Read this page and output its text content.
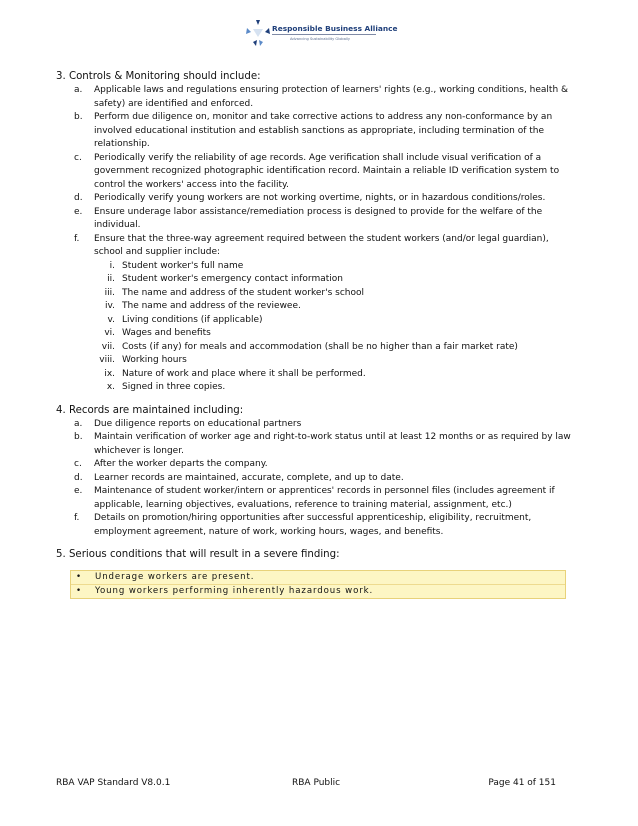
Responsible Business Alliance
Advancing Sustainability Globally
3. Controls & Monitoring should include:
a. Applicable laws and regulations ensuring protection of learners' rights (e.g., working conditions, health & safety) are identified and enforced.
b. Perform due diligence on, monitor and take corrective actions to address any non-conformance by an involved educational institution and establish sanctions as appropriate, including termination of the relationship.
c. Periodically verify the reliability of age records. Age verification shall include visual verification of a government recognized photographic identification record. Maintain a reliable ID verification system to control the workers' access into the facility.
d. Periodically verify young workers are not working overtime, nights, or in hazardous conditions/roles.
e. Ensure underage labor assistance/remediation process is designed to provide for the welfare of the individual.
f. Ensure that the three-way agreement required between the student workers (and/or legal guardian), school and supplier include:
i. Student worker's full name
ii. Student worker's emergency contact information
iii. The name and address of the student worker's school
iv. The name and address of the reviewee.
v. Living conditions (if applicable)
vi. Wages and benefits
vii. Costs (if any) for meals and accommodation (shall be no higher than a fair market rate)
viii. Working hours
ix. Nature of work and place where it shall be performed.
x. Signed in three copies.
4. Records are maintained including:
a. Due diligence reports on educational partners
b. Maintain verification of worker age and right-to-work status until at least 12 months or as required by law whichever is longer.
c. After the worker departs the company.
d. Learner records are maintained, accurate, complete, and up to date.
e. Maintenance of student worker/intern or apprentices' records in personnel files (includes agreement if applicable, learning objectives, evaluations, reference to training material, assignment, etc.)
f. Details on promotion/hiring opportunities after successful apprenticeship, eligibility, recruitment, employment agreement, nature of work, working hours, wages, and benefits.
5. Serious conditions that will result in a severe finding:
• Underage workers are present.
• Young workers performing inherently hazardous work.
RBA VAP Standard V8.0.1	RBA Public	Page 41 of 151
